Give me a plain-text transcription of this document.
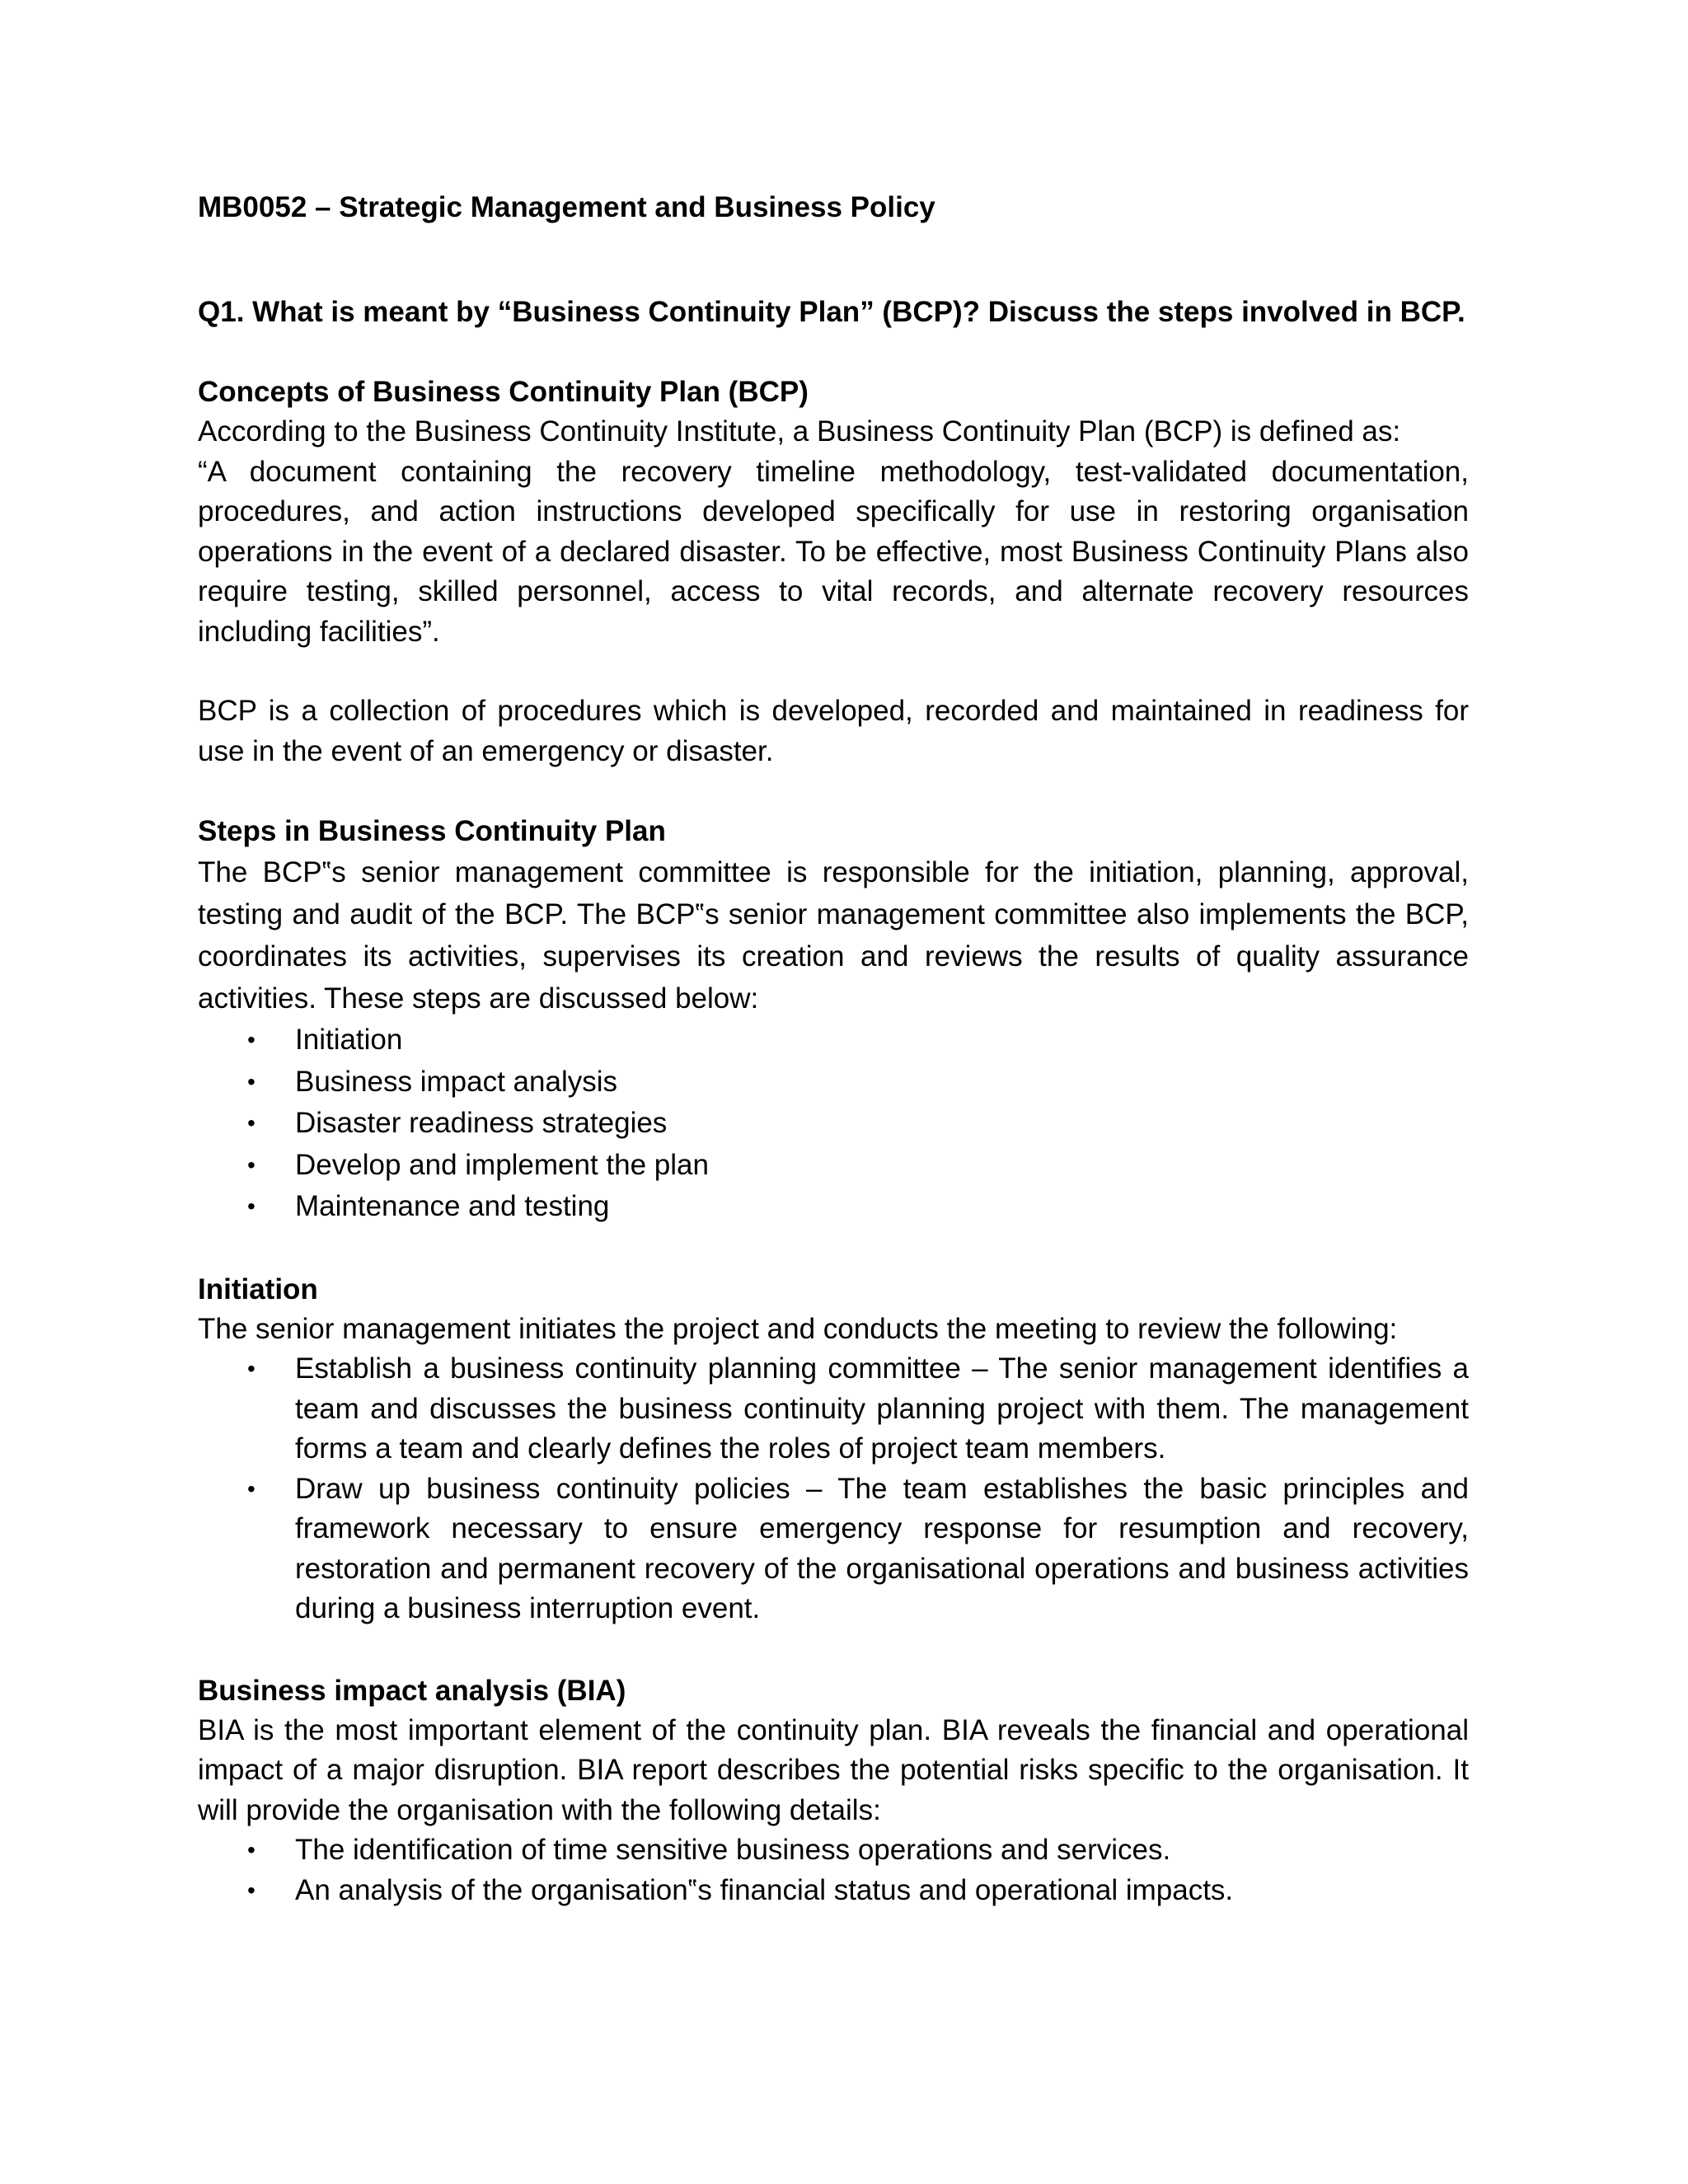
MB0052 – Strategic Management and Business Policy
Q1. What is meant by “Business Continuity Plan” (BCP)? Discuss the steps involved in BCP.
Concepts of Business Continuity Plan (BCP)

According to the Business Continuity Institute, a Business Continuity Plan (BCP) is defined as:

“A document containing the recovery timeline methodology, test-validated documentation, procedures, and action instructions developed specifically for use in restoring organisation operations in the event of a declared disaster. To be effective, most Business Continuity Plans also require testing, skilled personnel, access to vital records, and alternate recovery resources including facilities”.

BCP is a collection of procedures which is developed, recorded and maintained in readiness for use in the event of an emergency or disaster.

Steps in Business Continuity Plan

The BCP‟s senior management committee is responsible for the initiation, planning, approval, testing and audit of the BCP. The BCP‟s senior management committee also implements the BCP, coordinates its activities, supervises its creation and reviews the results of quality assurance activities. These steps are discussed below:

• Initiation
• Business impact analysis
• Disaster readiness strategies
• Develop and implement the plan
• Maintenance and testing
Initiation

The senior management initiates the project and conducts the meeting to review the following:

• Establish a business continuity planning committee – The senior management identifies a team and discusses the business continuity planning project with them. The management forms a team and clearly defines the roles of project team members.
• Draw up business continuity policies – The team establishes the basic principles and framework necessary to ensure emergency response for resumption and recovery, restoration and permanent recovery of the organisational operations and business activities during a business interruption event.
Business impact analysis (BIA)

BIA is the most important element of the continuity plan. BIA reveals the financial and operational impact of a major disruption. BIA report describes the potential risks specific to the organisation. It will provide the organisation with the following details:

• The identification of time sensitive business operations and services.
• An analysis of the organisation‟s financial status and operational impacts.
